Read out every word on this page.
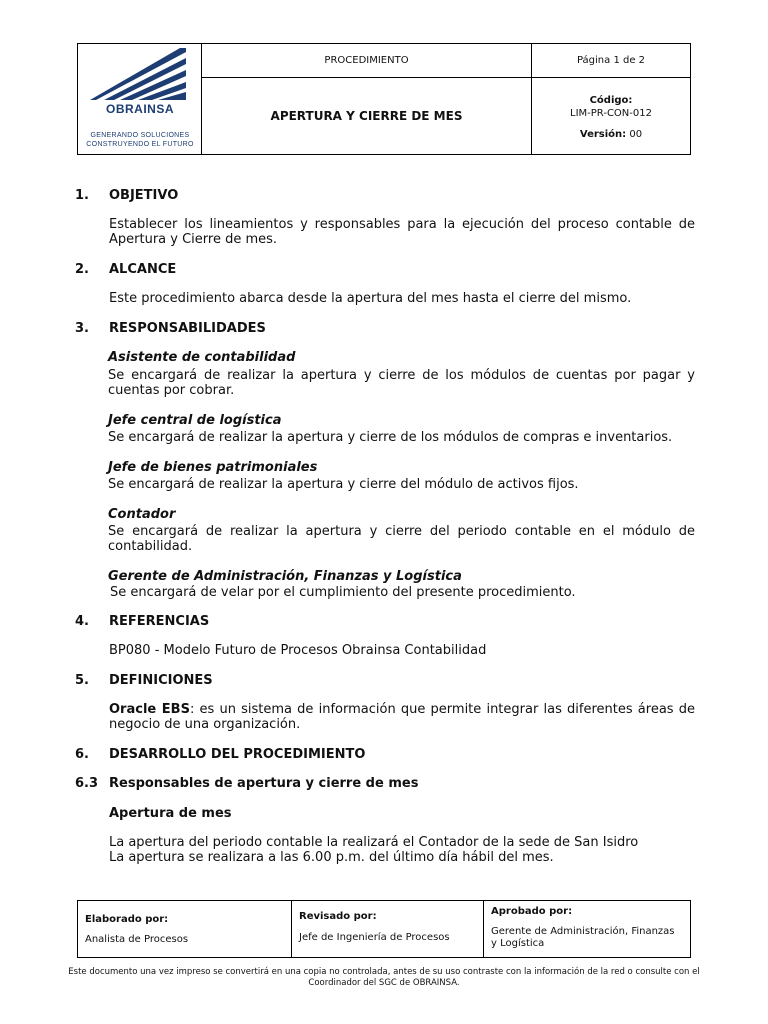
OBRAINSA
GENERANDO SOLUCIONES
CONSTRUYENDO EL FUTURO
PROCEDIMIENTO
APERTURA Y CIERRE DE MES
Página 1 de 2
Código:
LIM-PR-CON-012
Versión: 00
1. OBJETIVO
Establecer los lineamientos y responsables para la ejecución del proceso contable de Apertura y Cierre de mes.
2. ALCANCE
Este procedimiento abarca desde la apertura del mes hasta el cierre del mismo.
3. RESPONSABILIDADES
Asistente de contabilidad
Se encargará de realizar la apertura y cierre de los módulos de cuentas por pagar y cuentas por cobrar.
Jefe central de logística
Se encargará de realizar la apertura y cierre de los módulos de compras e inventarios.
Jefe de bienes patrimoniales
Se encargará de realizar la apertura y cierre del módulo de activos fijos.
Contador
Se encargará de realizar la apertura y cierre del periodo contable en el módulo de contabilidad.
Gerente de Administración, Finanzas y Logística
Se encargará de velar por el cumplimiento del presente procedimiento.
4. REFERENCIAS
BP080 - Modelo Futuro de Procesos Obrainsa Contabilidad
5. DEFINICIONES
Oracle EBS: es un sistema de información que permite integrar las diferentes áreas de negocio de una organización.
6. DESARROLLO DEL PROCEDIMIENTO
6.3 Responsables de apertura y cierre de mes
Apertura de mes
La apertura del periodo contable la realizará el Contador de la sede de San Isidro
La apertura se realizara a las 6.00 p.m. del último día hábil del mes.
Elaborado por:
Analista de Procesos
Revisado por:
Jefe de Ingeniería de Procesos
Aprobado por:
Gerente de Administración, Finanzas
y Logística
Este documento una vez impreso se convertirá en una copia no controlada, antes de su uso contraste con la información de la red o consulte con el Coordinador del SGC de OBRAINSA.
